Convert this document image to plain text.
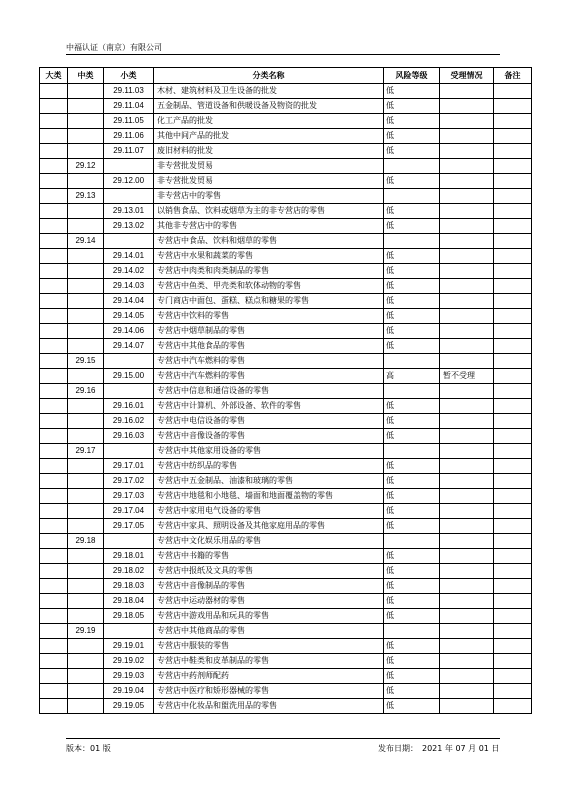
中福认证（南京）有限公司
大类	中类	小类	分类名称	风险等级	受理情况	备注
		29.11.03	木材、建筑材料及卫生设备的批发	低		
		29.11.04	五金制品、管道设备和供暖设备及物资的批发	低		
		29.11.05	化工产品的批发	低		
		29.11.06	其他中间产品的批发	低		
		29.11.07	废旧材料的批发	低		
	29.12		非专营批发贸易			
		29.12.00	非专营批发贸易	低		
	29.13		非专营店中的零售			
		29.13.01	以销售食品、饮料或烟草为主的非专营店的零售	低		
		29.13.02	其他非专营店中的零售	低		
	29.14		专营店中食品、饮料和烟草的零售			
		29.14.01	专营店中水果和蔬菜的零售	低		
		29.14.02	专营店中肉类和肉类制品的零售	低		
		29.14.03	专营店中鱼类、甲壳类和软体动物的零售	低		
		29.14.04	专门商店中面包、蛋糕、糕点和糖果的零售	低		
		29.14.05	专营店中饮料的零售	低		
		29.14.06	专营店中烟草制品的零售	低		
		29.14.07	专营店中其他食品的零售	低		
	29.15		专营店中汽车燃料的零售			
		29.15.00	专营店中汽车燃料的零售	高	暂不受理	
	29.16		专营店中信息和通信设备的零售			
		29.16.01	专营店中计算机、外部设备、软件的零售	低		
		29.16.02	专营店中电信设备的零售	低		
		29.16.03	专营店中音像设备的零售	低		
	29.17		专营店中其他家用设备的零售			
		29.17.01	专营店中纺织品的零售	低		
		29.17.02	专营店中五金制品、油漆和玻璃的零售	低		
		29.17.03	专营店中地毯和小地毯、墙面和地面覆盖物的零售	低		
		29.17.04	专营店中家用电气设备的零售	低		
		29.17.05	专营店中家具、照明设备及其他家庭用品的零售	低		
	29.18		专营店中文化娱乐用品的零售			
		29.18.01	专营店中书籍的零售	低		
		29.18.02	专营店中报纸及文具的零售	低		
		29.18.03	专营店中音像制品的零售	低		
		29.18.04	专营店中运动器材的零售	低		
		29.18.05	专营店中游戏用品和玩具的零售	低		
	29.19		专营店中其他商品的零售			
		29.19.01	专营店中服装的零售	低		
		29.19.02	专营店中鞋类和皮革制品的零售	低		
		29.19.03	专营店中药剂师配药	低		
		29.19.04	专营店中医疗和矫形器械的零售	低		
		29.19.05	专营店中化妆品和盥洗用品的零售	低		
版本：01 版	发布日期：　2021 年 07 月 01 日
